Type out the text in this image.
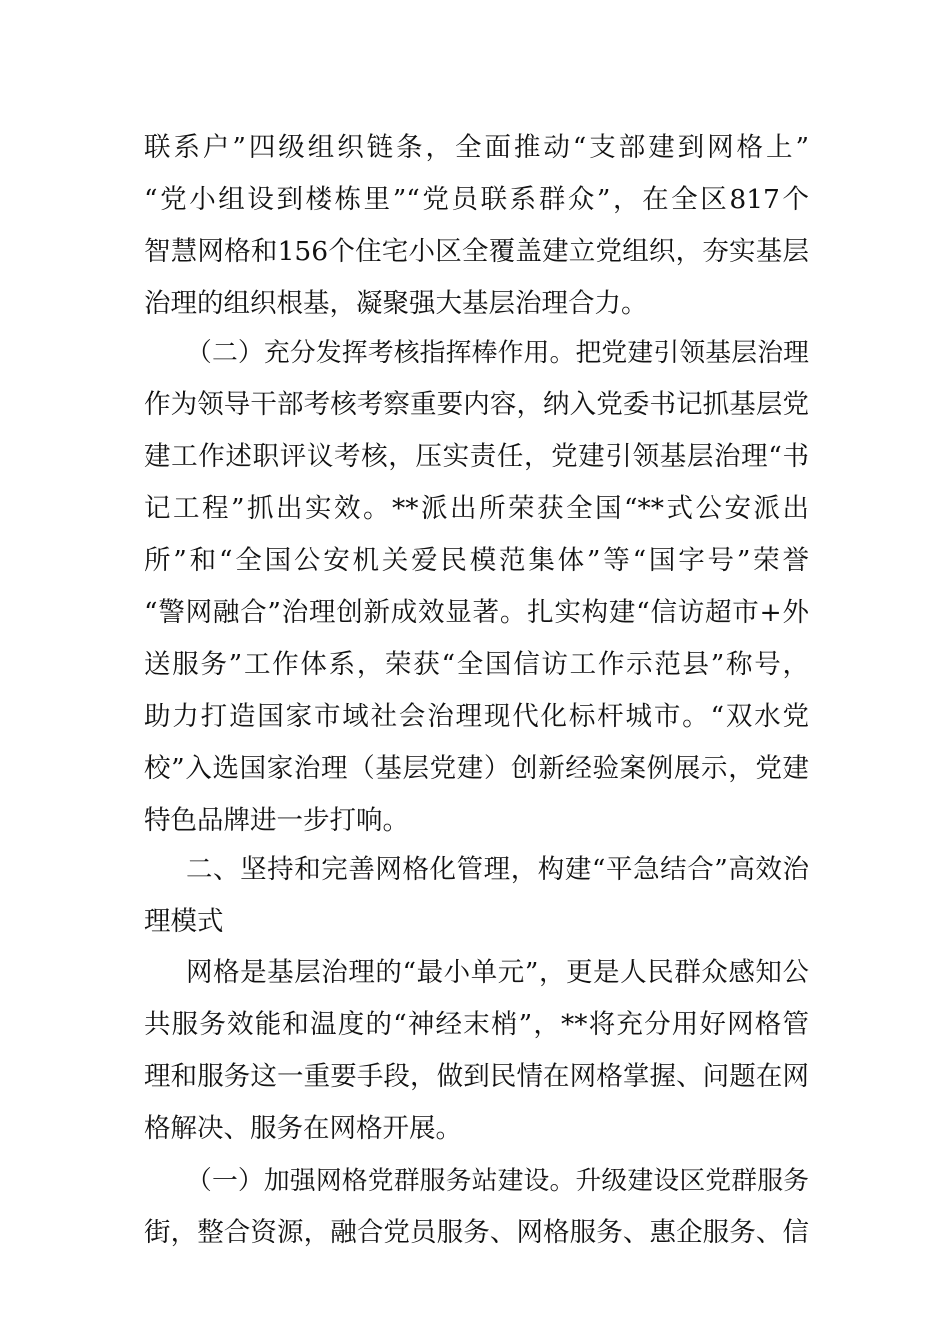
联系户”四级组织链条，全面推动“支部建到网格上”
“党小组设到楼栋里”“党员联系群众”，在全区817个
智慧网格和156个住宅小区全覆盖建立党组织，夯实基层
治理的组织根基，凝聚强大基层治理合力。
（二）充分发挥考核指挥棒作用。把党建引领基层治理
作为领导干部考核考察重要内容，纳入党委书记抓基层党
建工作述职评议考核，压实责任，党建引领基层治理“书
记工程”抓出实效。**派出所荣获全国“**式公安派出
所”和“全国公安机关爱民模范集体”等“国字号”荣誉
“警网融合”治理创新成效显著。扎实构建“信访超市+外
送服务”工作体系，荣获“全国信访工作示范县”称号，
助力打造国家市域社会治理现代化标杆城市。“双水党
校”入选国家治理（基层党建）创新经验案例展示，党建
特色品牌进一步打响。
二、坚持和完善网格化管理，构建“平急结合”高效治
理模式
网格是基层治理的“最小单元”，更是人民群众感知公
共服务效能和温度的“神经末梢”，**将充分用好网格管
理和服务这一重要手段，做到民情在网格掌握、问题在网
格解决、服务在网格开展。
（一）加强网格党群服务站建设。升级建设区党群服务
街，整合资源，融合党员服务、网格服务、惠企服务、信
